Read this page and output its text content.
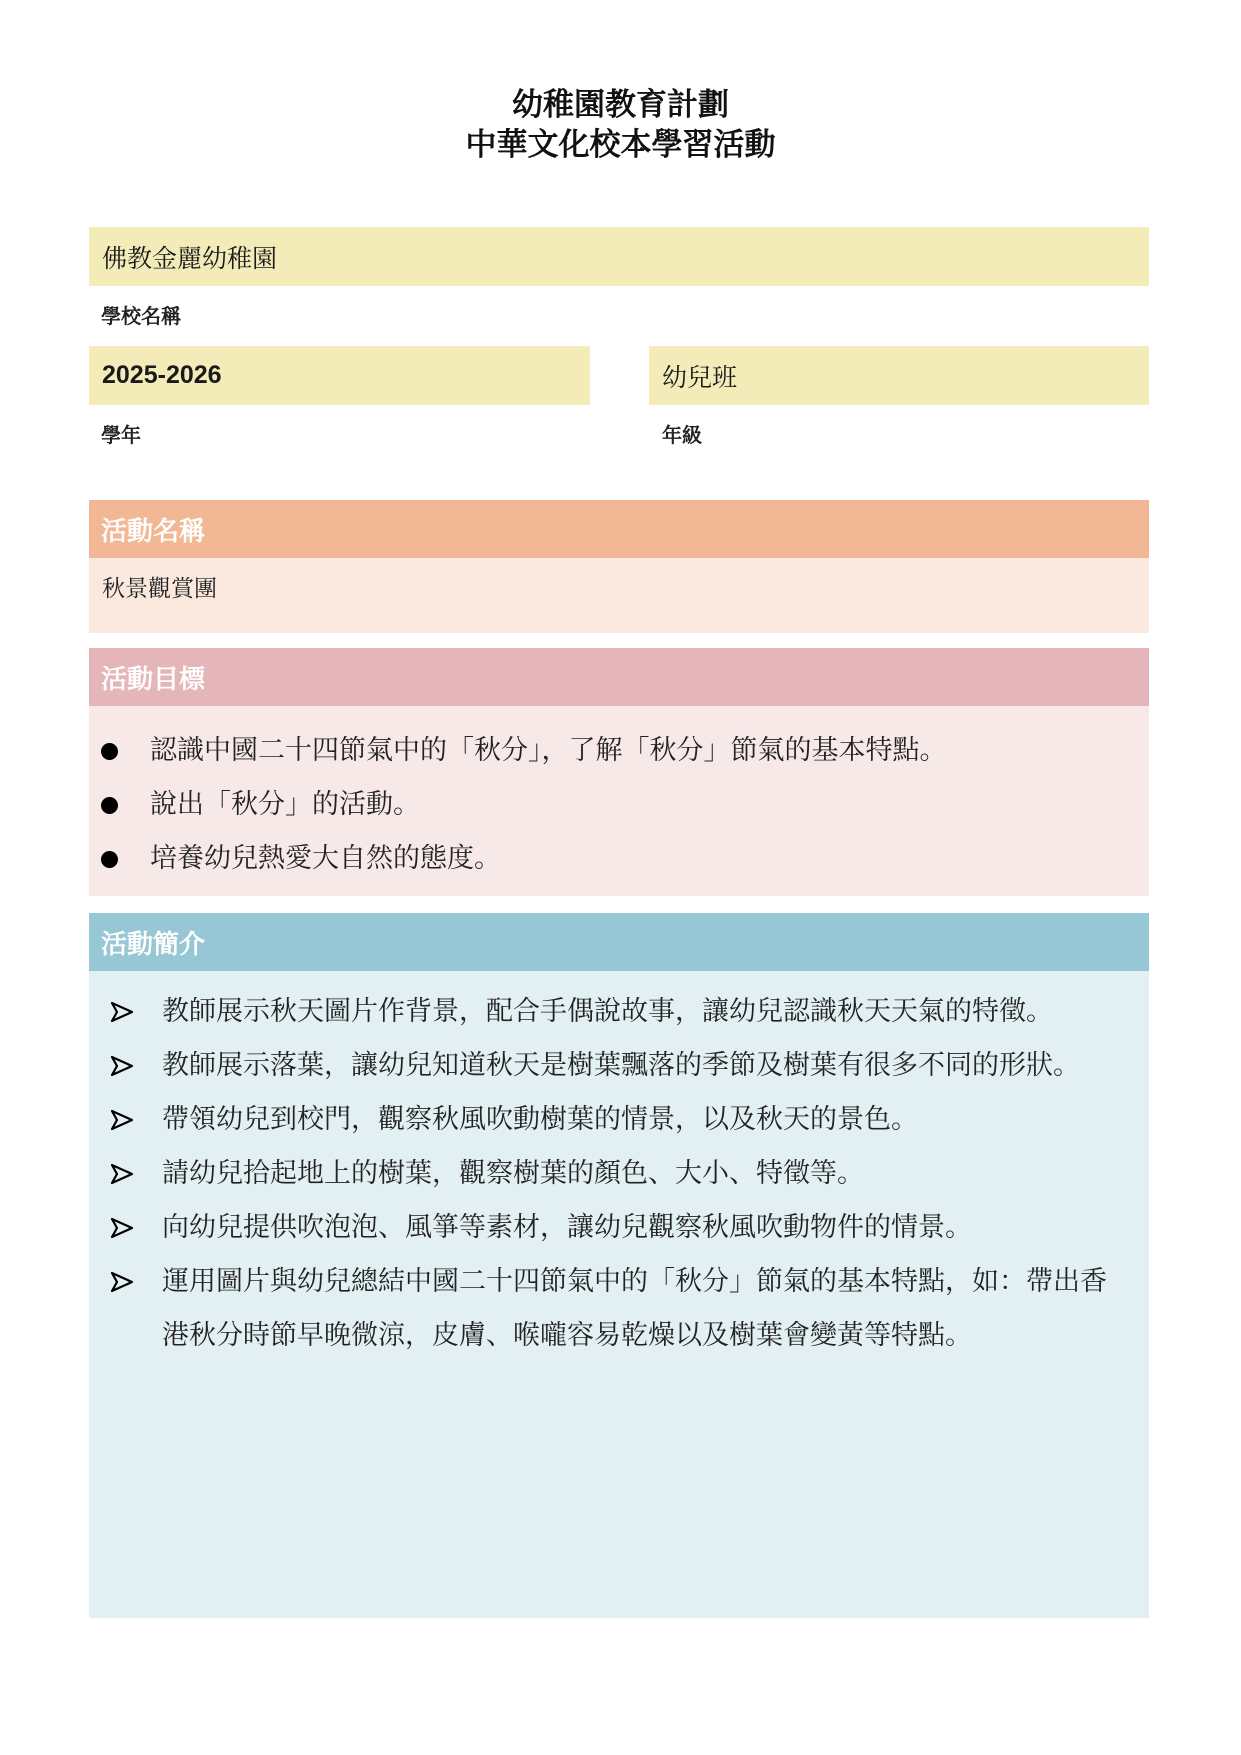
幼稚園教育計劃
中華文化校本學習活動
佛教金麗幼稚園
學校名稱
2025-2026
學年
幼兒班
年級
活動名稱
秋景觀賞團
活動目標
認識中國二十四節氣中的「秋分」，了解「秋分」節氣的基本特點。
說出「秋分」的活動。
培養幼兒熱愛大自然的態度。
活動簡介
教師展示秋天圖片作背景，配合手偶說故事，讓幼兒認識秋天天氣的特徵。
教師展示落葉，讓幼兒知道秋天是樹葉飄落的季節及樹葉有很多不同的形狀。
帶領幼兒到校門，觀察秋風吹動樹葉的情景，以及秋天的景色。
請幼兒拾起地上的樹葉，觀察樹葉的顏色、大小、特徵等。
向幼兒提供吹泡泡、風箏等素材，讓幼兒觀察秋風吹動物件的情景。
運用圖片與幼兒總結中國二十四節氣中的「秋分」節氣的基本特點，如：帶出香港秋分時節早晚微涼，皮膚、喉嚨容易乾燥以及樹葉會變黃等特點。
